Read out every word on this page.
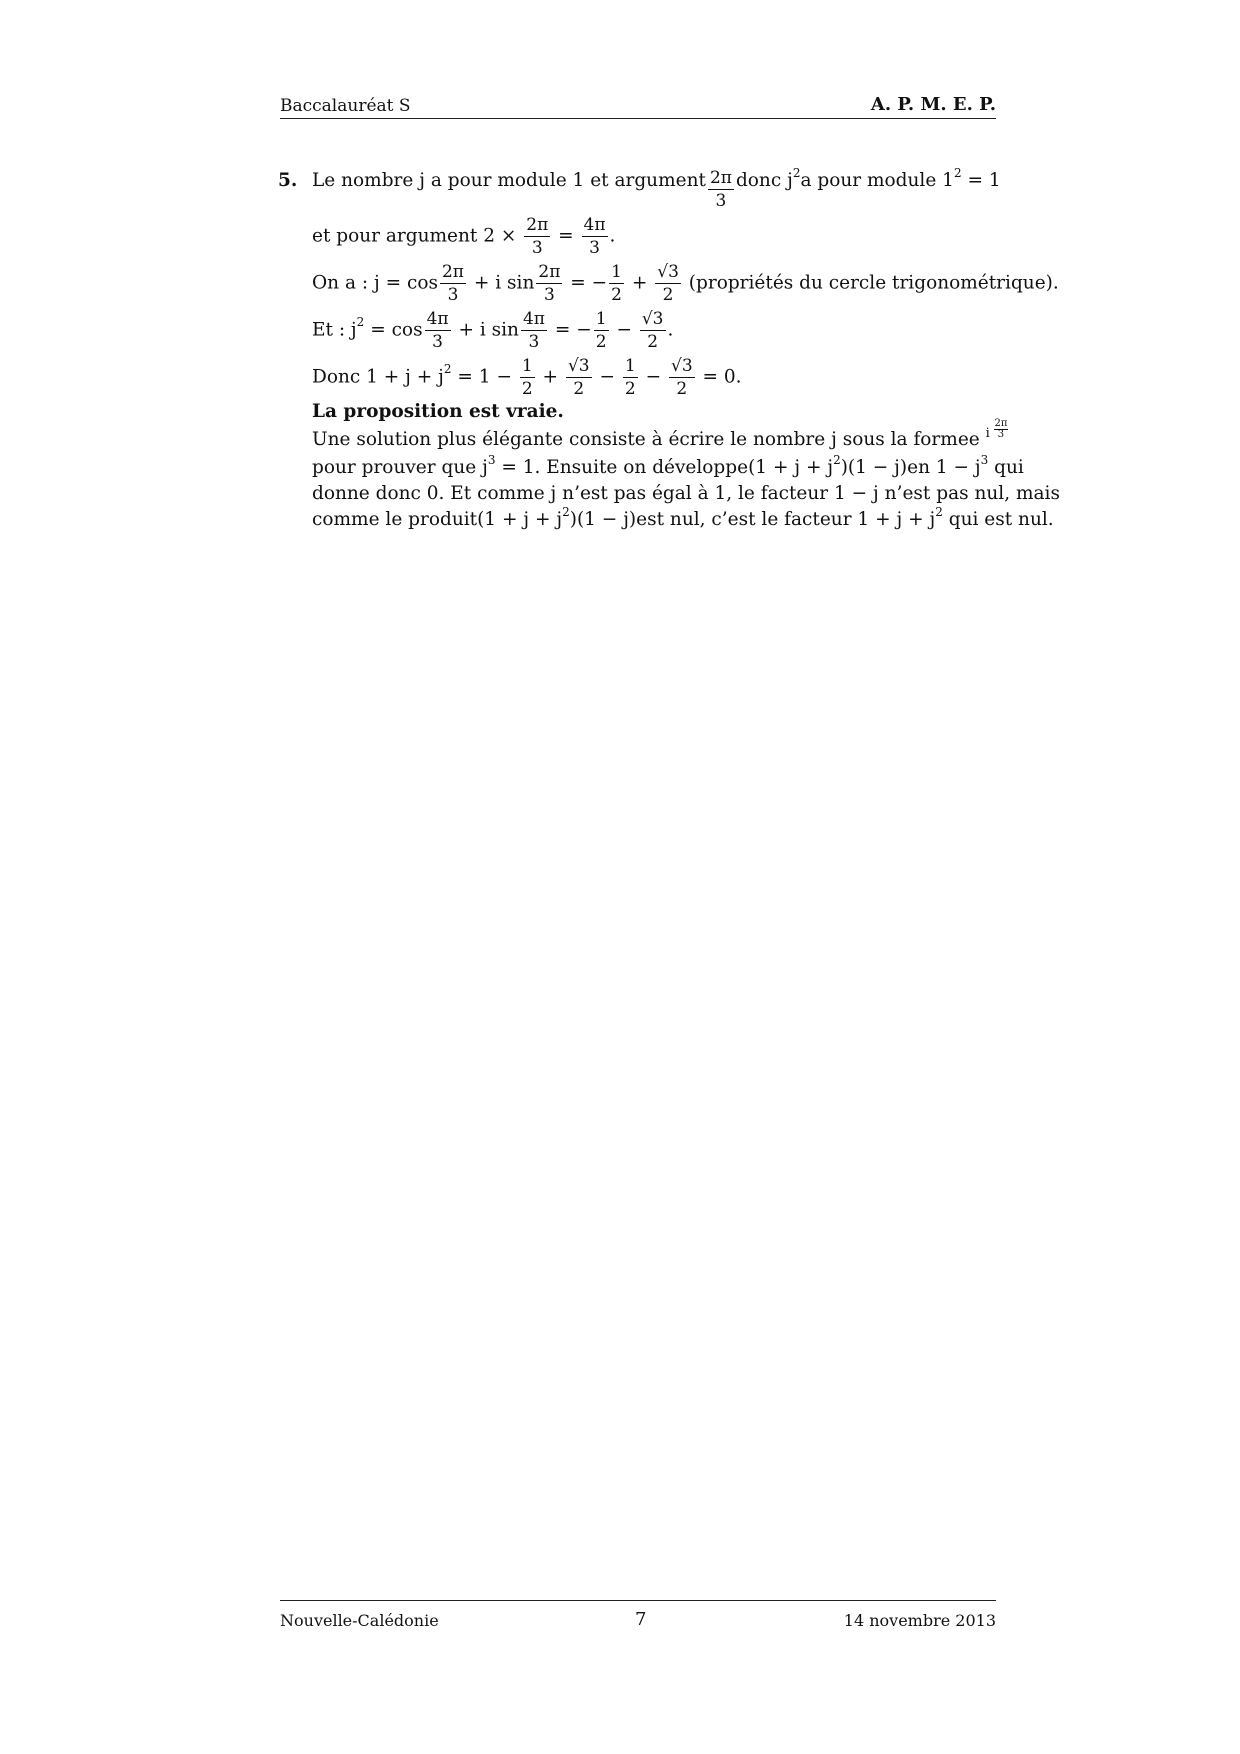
Baccalauréat S	A. P. M. E. P.
5. Le nombre j a pour module 1 et argument $\frac{2\pi}{3}$ donc $j^2$ a pour module $1^2 = 1$
et pour argument $2 \times \frac{2\pi}{3} = \frac{4\pi}{3}$ .
On a : $j = \cos \frac{2\pi}{3} + i$ $\sin \frac{2\pi}{3}$ = − $\frac{1}{2} + \frac{√3}{2}$ (propriétés du cercle trigonométrique).
Et : $j^2 = \cos \frac{4\pi}{3} + i$ $\sin \frac{4\pi}{3}$ = − $\frac{1}{2} - \frac{√3}{2}$ .
Donc $1 + j + j^2 = 1 - \frac{1}{2} + \frac{√3}{2} - \frac{1}{2} - \frac{√3}{2} = 0$.
La proposition est vraie.
Une solution plus élégante consiste à écrire le nombre j sous la forme e $^i \frac{2\pi}{3}$
pour prouver que $j^3 = 1$. Ensuite on développe $(1 + j + j^2)(1 - j)$ en $1 - j^3$ qui
donne donc 0. Et comme j n’est pas égal à 1, le facteur 1 − j n’est pas nul, mais
comme le produit $(1 + j + j^2)(1 - j)$ est nul, c’est le facteur $1 + j + j^2$ qui est nul.
Nouvelle-Calédonie	7	14 novembre 2013
